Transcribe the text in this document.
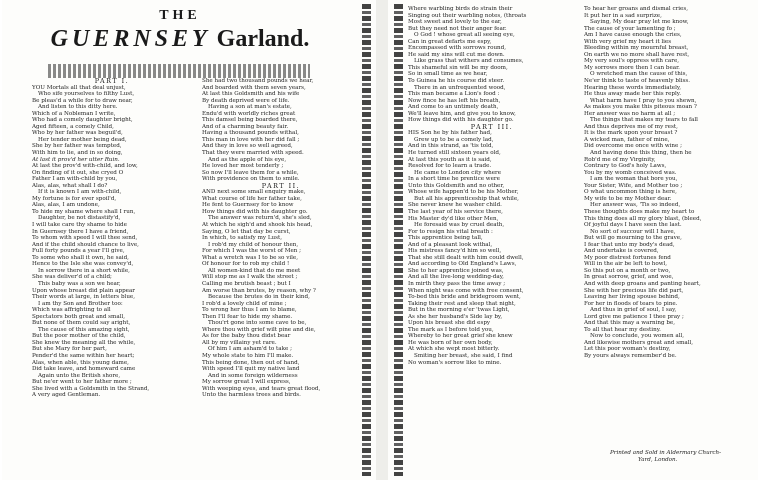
THE
GUERNSEY Garland.
PART I.
YOU Mortals all that deal unjust,
Who sife yourselves to filthy Lust,
Be pleas'd a while for to draw near,
And listen to this ditty here.
Which of a Nobleman I write,
Who had a comely daughter bright,
Aged fifteen, a comely Child,
Who by her father was beguil'd,
Her tender mother being dead,
She by her father was tempted,
With him to lie, and in so doing,
At last it prov'd her utter Ruin.
At last the prov'd with-child, and low,
On finding of it out, she cryed O
Father I am with-child by you,
Alas, alas, what shall I do?
If it is known I am with-child,
My fortune is for ever spoil'd,
Alas, alas, I am undone,
To hide my shame where shall I run,
Daughter, be not distastify'd,
I will take care thy shame to hide
In Guernsey there I have a friend,
To whom with speed I will thee send,
And if the child should chance to live,
Full forty pounds a year I'll give,
To some who shall it own, he said,
Hence to the Isle she was convey'd,
In sorrow there in a short while,
She was deliver'd of a child;
This baby was a son we hear,
Upon whose breast did plain appear
Their words at large, in letters blue,
I am thy Son and Brother too:
Which was affrighting to all
Spectators both great and small,
But none of them could say aright,
The cause of this amazing sight,
But the poor mother of the child,
She knew the meaning all the while,
But she Mary for her part,
Pender'd the same within her heart;
Alas, when able, this young dame,
Did take leave, and homeward came
Again unto the British shore,
But ne'er went to her father more ;
She lived with a Goldsmith in the Strand,
A very aged Gentleman.
She had two thousand pounds we hear,
And boarded with them seven years,
At last this Goldsmith and his wife
By death deprived were of life.
Having a son at man's estate,
Endu'd with worldly riches great
This damsel being boarded there,
And of a charming beauty fair.
Having a thousand pounds withal,
This man in love with her did fall ;
And they in love so well agreed,
That they were married with speed.
And as the apple of his eye,
He loved her most tenderly ;
So now I'll leave them for a while,
With providence on them to smile.
PART II.
AND next some small enquiry make,
What course of life her father take,
He fent to Guernsey for to know
How things did with his daughter go.
The answer was return'd, she's sled,
At which he sigh'd and shook his head,
Saying, O let that day be curst,
In which, to satisfy my Lust,
I rob'd my child of honour then,
For which I was the worst of Men ;
What a wretch was I to be so vile,
Of honour for to rob my child !
All women-kind that do me meet
Will stop me as I walk the street ;
Calling me brutish beast ; but I
Am worse than brutes, by reason, why ?
Because the brutes do in their kind,
I rob'd a lovely child of mine ;
To wrong her thus I am to blame,
Then I'll fear to hide my shame.
Thou'rt gone into some cave to be,
Where thou with grief wilt pine and die,
As for the baby thou didst bear
All by my villainy yet rare.
Of him I am asham'd to take ;
My whole state to him I'll make.
This being done, then out of hand,
With speed I'll quit my native land
And in some foreign wilderness
My sorrow great I will express,
With weeping eyes, and tears great flood,
Unto the harmless trees and birds.
Where warbling birds do strain their
Singing out their warbling notes, (throats
Most sweet and lovely to the ear,
But they need not their anger fear.
O God ! whose great all seeing eye,
Can in great defarts me espy,
Encompassed with sorrows round,
He said my sins will cut me down.
Like grass that withers and consumes,
This shameful sin will be my doom,
So in small time as we hear,
To Guinea he his course did steer.
There in an unfrequented wood,
This man became a Lion's food :
Now fince he has left his breath,
And come to an untimely death,
We'll leave him, and give you to know,
How things did with his daughter go.
PART III.
HIS Son he by his father had,
Grew up to be a comely lad,
And in this strand, as 'tis told,
He turned still sixteen years old,
At last this youth as it is said,
Resolved for to learn a trade.
He came to London city where
In a short time he prentice were
Unto this Goldsmith and no other,
Whose wife happen'd to be his Mother,
But all his apprenticeship that while,
She never knew he washer child.
The last year of his service there,
His Master dy'd like other Men,
He foresaid was by cruel death,
For to resign his vital breath :
This apprentice being tall,
And of a pleasant look withal,
His mistress fancy'd him so well,
That she still dealt with him could dwell,
And according to Old England's Laws,
She to her apprentice joined was,
And all the live-long wedding-day,
In mirth they pass the time away ;
When night was come with free consent,
To-bed this bride and bridegroom went,
Taking their rest and sleep that night,
But in the morning e'er 'twas Light,
As she her husband's Side lay by,
Upon his breast she did espy
The mark as I before told you,
Whereby to her great grief she knew
He was born of her own body,
At which she wept most bitterly.
Smiting her breast, she said, I find
No woman's sorrow like to mine.
To hear her groans and dismal cries,
It put her in a sad surprize,
Saying, My dear pray let me know,
The cause of your lamenting fo ;
Am I have cause enough the cries,
With very grief my heart it lies
Bleeding within my mournful breast,
On earth we no more shall have rest,
My very soul's oppress with care,
My sorrows more then I can bear.
O wretched man the cause of this,
Ne'er think to taste of heavenly bliss.
Hearing these words immediately,
He thus away made her this reply.
What harm have I pray to you shewn,
As makes you make this piteous moan ?
Her answer was no harm at all ;
The things that makes my tears to fall
And thus deprives me of my rest,
It is the mark upon your breast ?
A wicked man, father of mine,
Did overcome me once with wine ;
And having done this thing, then he
Rob'd me of my Virginity,
Contrary to God's holy Laws,
You by my womb conceived was.
I am the woman that bore you,
Your Sister, Wife, and Mother too ;
O what uncommon thing is here,
My wife to be my Mother dear.
Her answer was, 'Tis so indeed,
These thoughts does make my heart to
This thing does all my glory blast, (bleed,
Of joyful days I have seen the last.
No sort of succour will I have,
But will go mourning to the grave,
I fear that unto my body's dead,
And undertake is covered,
My poor distrest fortunes fend
Will in the air be left to howl,
So this put on a month or two,
In great sorrow, grief, and woe,
And with deep groans and panting heart,
She with her precious life did part,
Leaving her living spouse behind,
For her in floods of tears to pine.
And thus in grief of soul, I say,
Lord give me patience I thee pray ;
And that this may a warning be,
To all that hear my destiny.
Now to conclude, you women all,
And likewise mothers great and small,
Let this poor woman's destiny,
By yours always remember'd be.
Printed and Sold in Aldermary Church-
Yard, London.
